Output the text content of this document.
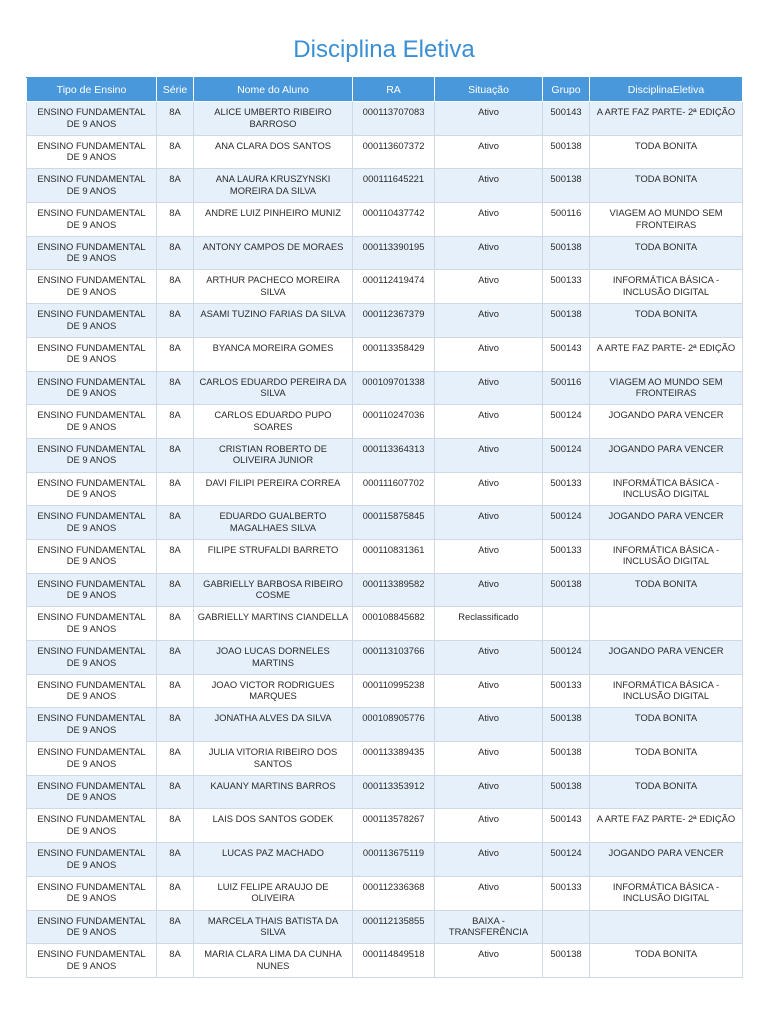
Disciplina Eletiva
Tipo de Ensino	Série	Nome do Aluno	RA	Situação	Grupo	DisciplinaEletiva
ENSINO FUNDAMENTAL DE 9 ANOS	8A	ALICE UMBERTO RIBEIRO BARROSO	000113707083	Ativo	500143	A ARTE FAZ PARTE- 2ª EDIÇÃO
ENSINO FUNDAMENTAL DE 9 ANOS	8A	ANA CLARA DOS SANTOS	000113607372	Ativo	500138	TODA BONITA
ENSINO FUNDAMENTAL DE 9 ANOS	8A	ANA LAURA KRUSZYNSKI MOREIRA DA SILVA	000111645221	Ativo	500138	TODA BONITA
ENSINO FUNDAMENTAL DE 9 ANOS	8A	ANDRE LUIZ PINHEIRO MUNIZ	000110437742	Ativo	500116	VIAGEM AO MUNDO SEM FRONTEIRAS
ENSINO FUNDAMENTAL DE 9 ANOS	8A	ANTONY CAMPOS DE MORAES	000113390195	Ativo	500138	TODA BONITA
ENSINO FUNDAMENTAL DE 9 ANOS	8A	ARTHUR PACHECO MOREIRA SILVA	000112419474	Ativo	500133	INFORMÁTICA BÁSICA - INCLUSÃO DIGITAL
ENSINO FUNDAMENTAL DE 9 ANOS	8A	ASAMI TUZINO FARIAS DA SILVA	000112367379	Ativo	500138	TODA BONITA
ENSINO FUNDAMENTAL DE 9 ANOS	8A	BYANCA MOREIRA GOMES	000113358429	Ativo	500143	A ARTE FAZ PARTE- 2ª EDIÇÃO
ENSINO FUNDAMENTAL DE 9 ANOS	8A	CARLOS EDUARDO PEREIRA DA SILVA	000109701338	Ativo	500116	VIAGEM AO MUNDO SEM FRONTEIRAS
ENSINO FUNDAMENTAL DE 9 ANOS	8A	CARLOS EDUARDO PUPO SOARES	000110247036	Ativo	500124	JOGANDO PARA VENCER
ENSINO FUNDAMENTAL DE 9 ANOS	8A	CRISTIAN ROBERTO DE OLIVEIRA JUNIOR	000113364313	Ativo	500124	JOGANDO PARA VENCER
ENSINO FUNDAMENTAL DE 9 ANOS	8A	DAVI FILIPI PEREIRA CORREA	000111607702	Ativo	500133	INFORMÁTICA BÁSICA - INCLUSÃO DIGITAL
ENSINO FUNDAMENTAL DE 9 ANOS	8A	EDUARDO GUALBERTO MAGALHAES SILVA	000115875845	Ativo	500124	JOGANDO PARA VENCER
ENSINO FUNDAMENTAL DE 9 ANOS	8A	FILIPE STRUFALDI BARRETO	000110831361	Ativo	500133	INFORMÁTICA BÁSICA - INCLUSÃO DIGITAL
ENSINO FUNDAMENTAL DE 9 ANOS	8A	GABRIELLY BARBOSA RIBEIRO COSME	000113389582	Ativo	500138	TODA BONITA
ENSINO FUNDAMENTAL DE 9 ANOS	8A	GABRIELLY MARTINS CIANDELLA	000108845682	Reclassificado		
ENSINO FUNDAMENTAL DE 9 ANOS	8A	JOAO LUCAS DORNELES MARTINS	000113103766	Ativo	500124	JOGANDO PARA VENCER
ENSINO FUNDAMENTAL DE 9 ANOS	8A	JOAO VICTOR RODRIGUES MARQUES	000110995238	Ativo	500133	INFORMÁTICA BÁSICA - INCLUSÃO DIGITAL
ENSINO FUNDAMENTAL DE 9 ANOS	8A	JONATHA ALVES DA SILVA	000108905776	Ativo	500138	TODA BONITA
ENSINO FUNDAMENTAL DE 9 ANOS	8A	JULIA VITORIA RIBEIRO DOS SANTOS	000113389435	Ativo	500138	TODA BONITA
ENSINO FUNDAMENTAL DE 9 ANOS	8A	KAUANY MARTINS BARROS	000113353912	Ativo	500138	TODA BONITA
ENSINO FUNDAMENTAL DE 9 ANOS	8A	LAIS DOS SANTOS GODEK	000113578267	Ativo	500143	A ARTE FAZ PARTE- 2ª EDIÇÃO
ENSINO FUNDAMENTAL DE 9 ANOS	8A	LUCAS PAZ MACHADO	000113675119	Ativo	500124	JOGANDO PARA VENCER
ENSINO FUNDAMENTAL DE 9 ANOS	8A	LUIZ FELIPE ARAUJO DE OLIVEIRA	000112336368	Ativo	500133	INFORMÁTICA BÁSICA - INCLUSÃO DIGITAL
ENSINO FUNDAMENTAL DE 9 ANOS	8A	MARCELA THAIS BATISTA DA SILVA	000112135855	BAIXA - TRANSFERÊNCIA		
ENSINO FUNDAMENTAL DE 9 ANOS	8A	MARIA CLARA LIMA DA CUNHA NUNES	000114849518	Ativo	500138	TODA BONITA
